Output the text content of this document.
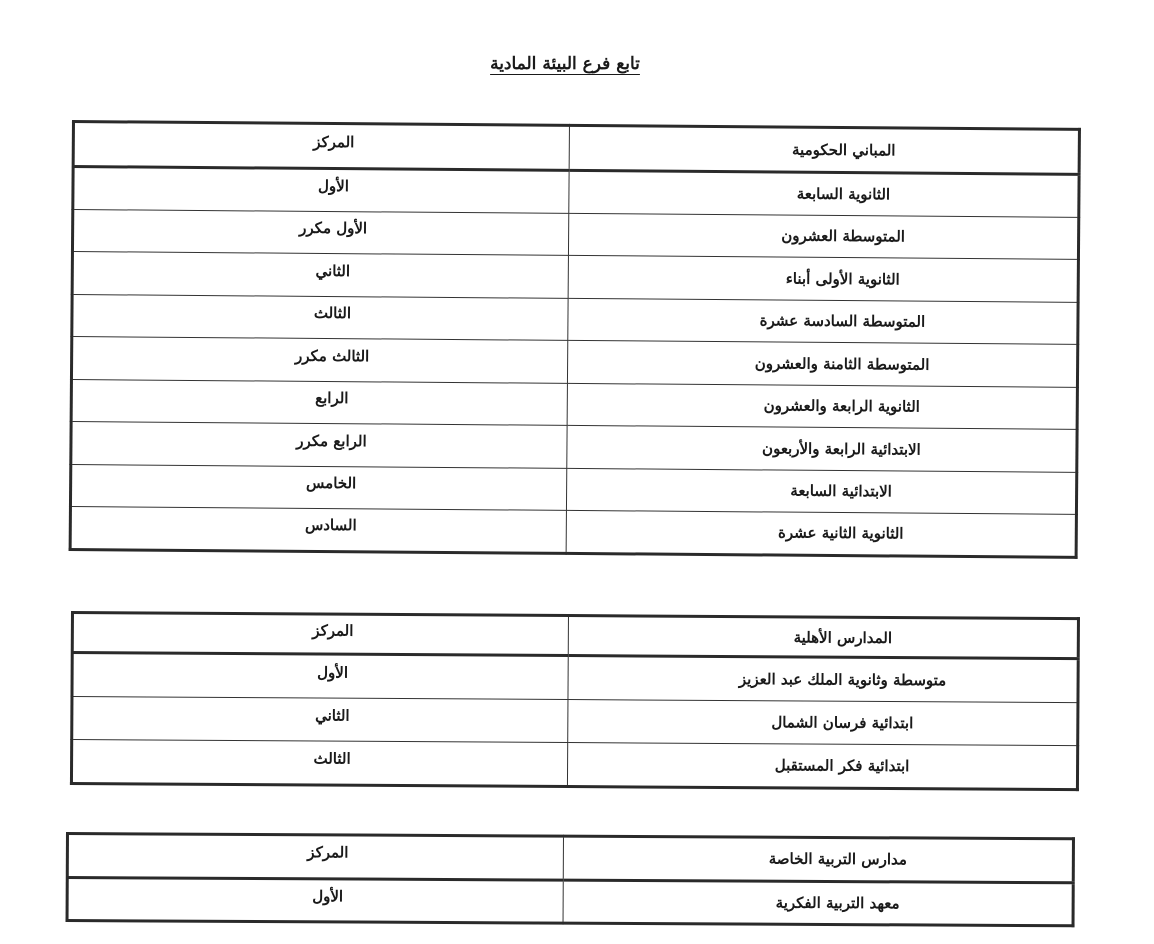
تابع فرع البيئة المادية
المركز	المباني الحكومية

الأول	الثانوية السابعة

الأول مكرر	المتوسطة العشرون

الثاني	الثانوية الأولى أبناء

الثالث	المتوسطة السادسة عشرة

الثالث مكرر	المتوسطة الثامنة والعشرون

الرابع	الثانوية الرابعة والعشرون

الرابع مكرر	الابتدائية الرابعة والأربعون

الخامس	الابتدائية السابعة

السادس	الثانوية الثانية عشرة
المركز	المدارس الأهلية

الأول	متوسطة وثانوية الملك عبد العزيز

الثاني	ابتدائية فرسان الشمال

الثالث	ابتدائية فكر المستقبل
المركز	مدارس التربية الخاصة

الأول	معهد التربية الفكرية
